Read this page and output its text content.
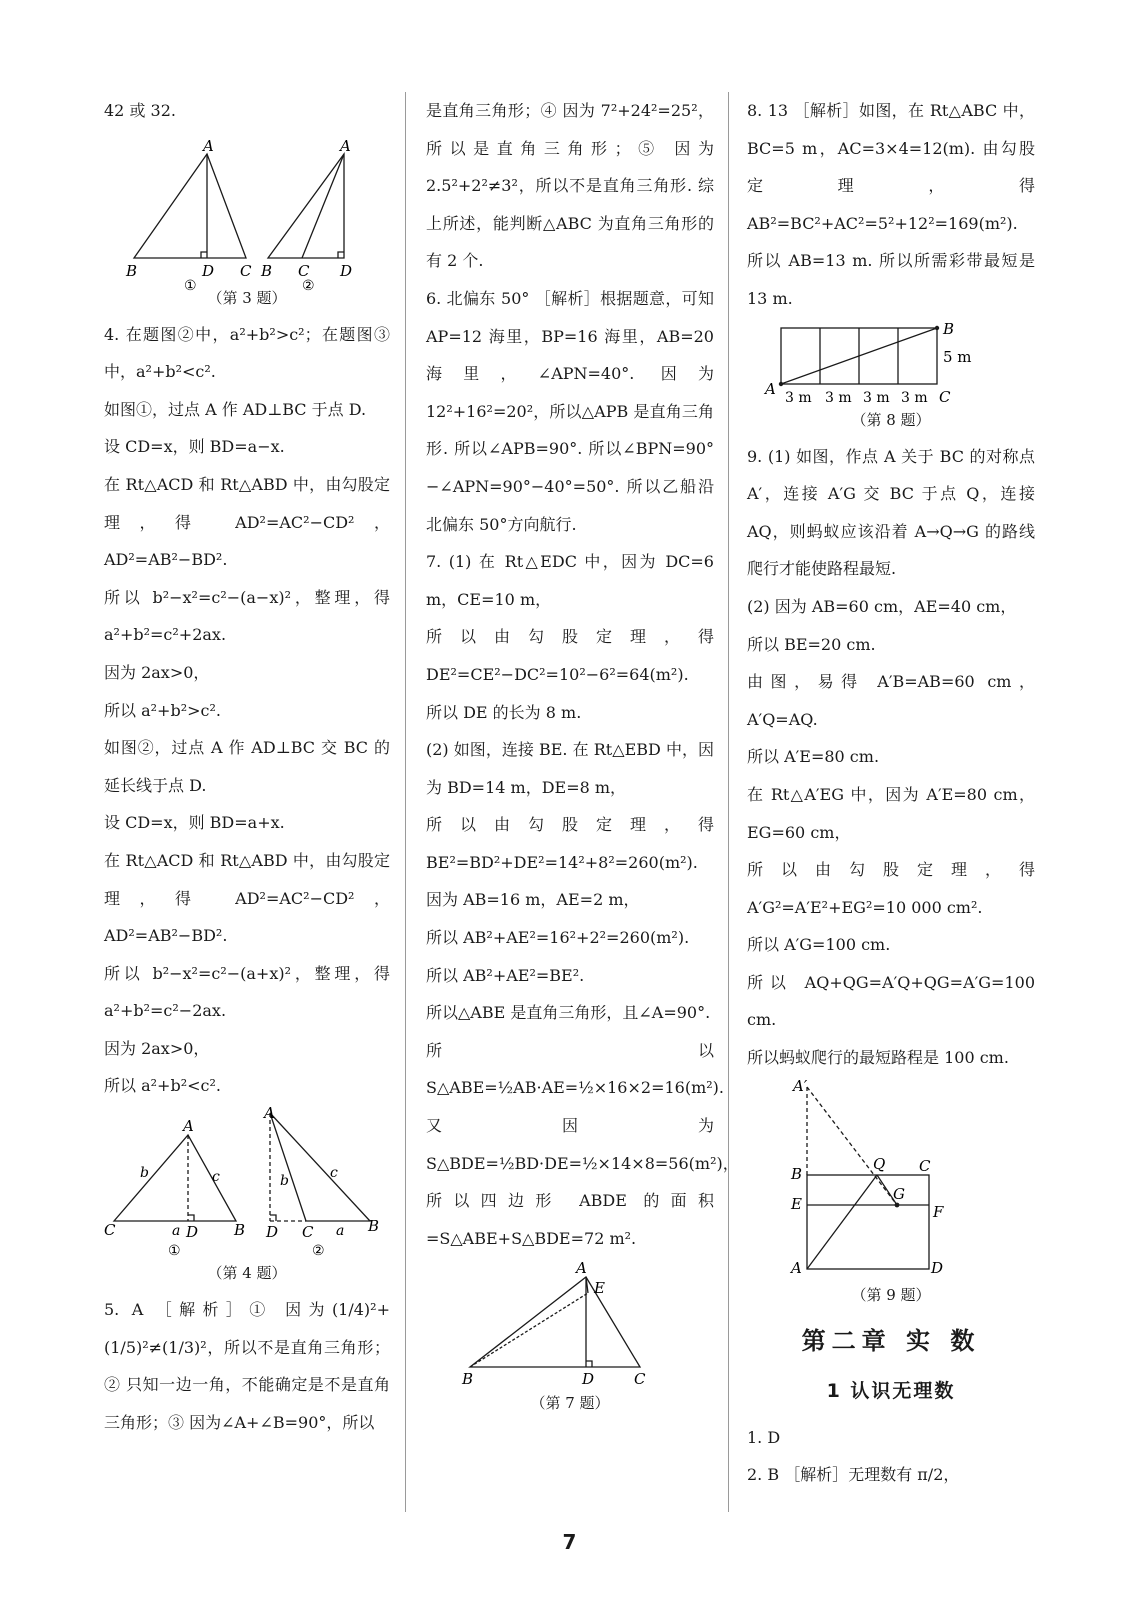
42 或 32.

A
B	D C
A
B C D
①	②

（第 3 题）

4. 在题图②中，a²+b²>c²；在题图③中，a²+b²<c².

如图①，过点 A 作 AD⊥BC 于点 D.

设 CD=x，则 BD=a−x.

在 Rt△ACD 和 Rt△ABD 中，由勾股定理，得 AD²=AC²−CD²，AD²=AB²−BD².

所以 b²−x²=c²−(a−x)²，整理，得 a²+b²=c²+2ax.

因为 2ax>0，

所以 a²+b²>c².

如图②，过点 A 作 AD⊥BC 交 BC 的延长线于点 D.

设 CD=x，则 BD=a+x.

在 Rt△ACD 和 Rt△ABD 中，由勾股定理，得 AD²=AC²−CD²，AD²=AB²−BD².

所以 b²−x²=c²−(a+x)²，整理，得 a²+b²=c²−2ax.

因为 2ax>0，

所以 a²+b²<c².

A
C	D B
b	c
a
A
D C	B
b	c
a
①	②

（第 4 题）

5. A ［解析］① 因为(1/4)²+(1/5)²≠(1/3)²，所以不是直角三角形；② 只知一边一角，不能确定是不是直角三角形；③ 因为∠A+∠B=90°，所以

是直角三角形；④ 因为 7²+24²=25²，所以是直角三角形；⑤ 因为 2.5²+2²≠3²，所以不是直角三角形. 综上所述，能判断△ABC 为直角三角形的有 2 个.

6. 北偏东 50° ［解析］根据题意，可知 AP=12 海里，BP=16 海里，AB=20 海里，∠APN=40°. 因为 12²+16²=20²，所以△APB 是直角三角形. 所以∠APB=90°. 所以∠BPN=90°−∠APN=90°−40°=50°. 所以乙船沿北偏东 50°方向航行.

7. (1) 在 Rt△EDC 中，因为 DC=6 m，CE=10 m，

所以由勾股定理，得 DE²=CE²−DC²=10²−6²=64(m²).

所以 DE 的长为 8 m.

(2) 如图，连接 BE. 在 Rt△EBD 中，因为 BD=14 m，DE=8 m，

所以由勾股定理，得 BE²=BD²+DE²=14²+8²=260(m²).

因为 AB=16 m，AE=2 m，

所以 AB²+AE²=16²+2²=260(m²).

所以 AB²+AE²=BE².

所以△ABE 是直角三角形，且∠A=90°.

所以 S△ABE=½AB·AE=½×16×2=16(m²).

又因为 S△BDE=½BD·DE=½×14×8=56(m²)，

所以四边形 ABDE 的面积=S△ABE+S△BDE=72 m².

A
E
B	D	C

（第 7 题）

8. 13 ［解析］如图，在 Rt△ABC 中，BC=5 m，AC=3×4=12(m). 由勾股定理，得 AB²=BC²+AC²=5²+12²=169(m²). 所以 AB=13 m. 所以所需彩带最短是 13 m.

A
B
C
5 m
3 m 3 m 3 m 3 m

（第 8 题）

9. (1) 如图，作点 A 关于 BC 的对称点 A′，连接 A′G 交 BC 于点 Q，连接 AQ，则蚂蚁应该沿着 A→Q→G 的路线爬行才能使路程最短.

(2) 因为 AB=60 cm，AE=40 cm，

所以 BE=20 cm.

由图，易得 A′B=AB=60 cm，A′Q=AQ.

所以 A′E=80 cm.

在 Rt△A′EG 中，因为 A′E=80 cm，EG=60 cm，

所以由勾股定理，得 A′G²=A′E²+EG²=10 000 cm².

所以 A′G=100 cm.

所以 AQ+QG=A′Q+QG=A′G=100 cm.

所以蚂蚁爬行的最短路程是 100 cm.

A′
B
E
A
C
F
D
Q
G

（第 9 题）

第二章 实 数
1 认识无理数

1. D

2. B ［解析］无理数有 π/2，

7
